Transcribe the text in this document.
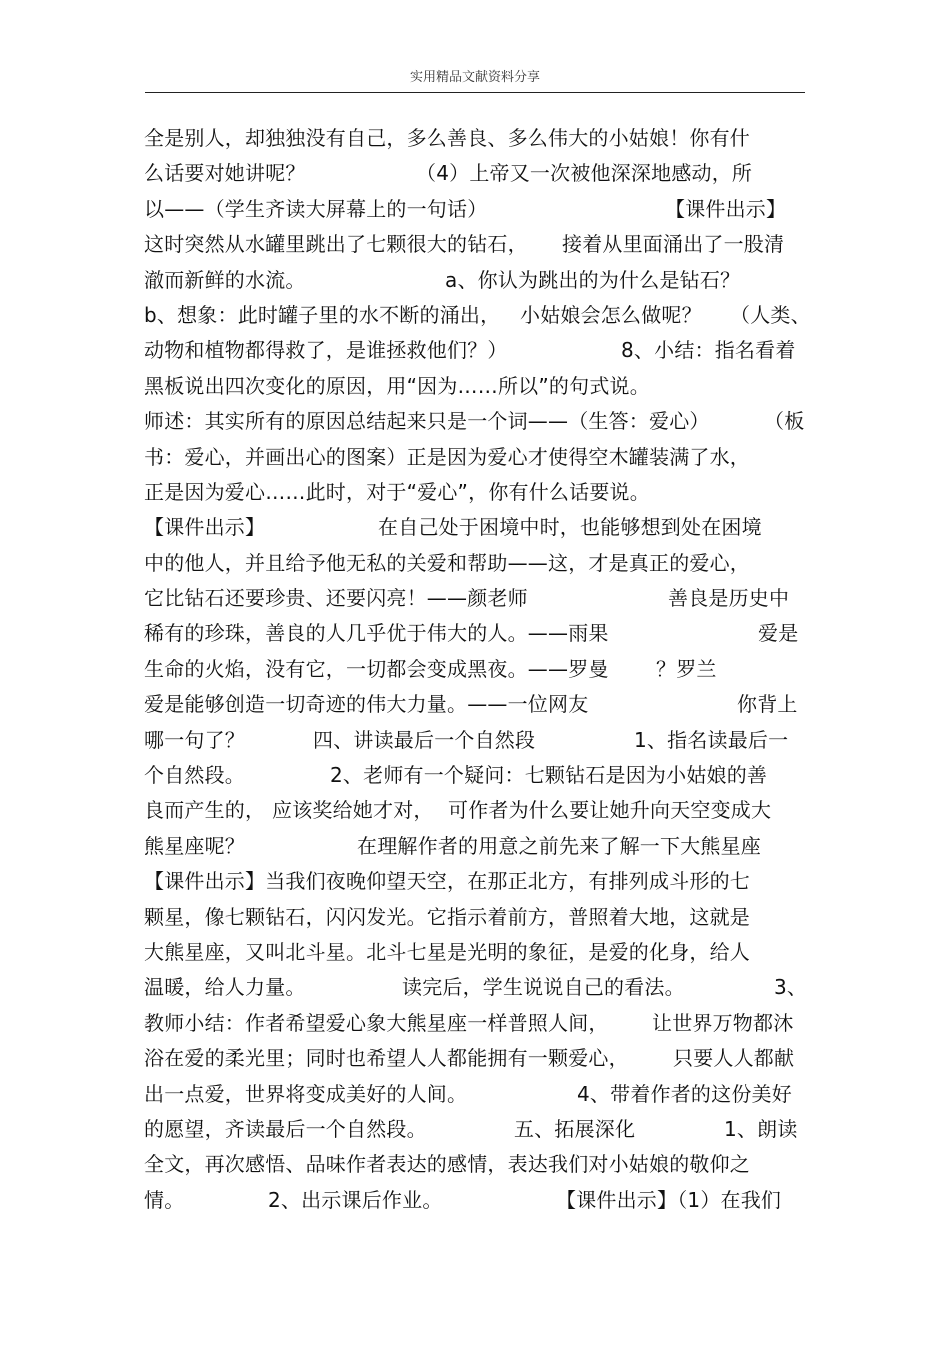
实用精品文献资料分享
全是别人，却独独没有自己，多么善良、多么伟大的小姑娘！你有什
么话要对她讲呢？	（4）上帝又一次被他深深地感动，所
以——（学生齐读大屏幕上的一句话）	【课件出示】
这时突然从水罐里跳出了七颗很大的钻石， 接着从里面涌出了一股清
澈而新鲜的水流。	a、你认为跳出的为什么是钻石？
b、想象：此时罐子里的水不断的涌出， 小姑娘会怎么做呢？ （人类、
动物和植物都得救了，是谁拯救他们？）	8、小结：指名看着
黑板说出四次变化的原因，用“因为……所以”的句式说。
师述：其实所有的原因总结起来只是一个词——（生答：爱心）	（板
书：爱心，并画出心的图案）正是因为爱心才使得空木罐装满了水，
正是因为爱心……此时，对于“爱心”，你有什么话要说。
【课件出示】	在自己处于困境中时，也能够想到处在困境
中的他人，并且给予他无私的关爱和帮助——这，才是真正的爱心，
它比钻石还要珍贵、还要闪亮！——颜老师	善良是历史中
稀有的珍珠，善良的人几乎优于伟大的人。——雨果	爱是
生命的火焰，没有它，一切都会变成黑夜。——罗曼 ？罗兰
爱是能够创造一切奇迹的伟大力量。——一位网友	你背上
哪一句了？	四、讲读最后一个自然段	1、指名读最后一
个自然段。	2、老师有一个疑问：七颗钻石是因为小姑娘的善
良而产生的， 应该奖给她才对， 可作者为什么要让她升向天空变成大
熊星座呢？	在理解作者的用意之前先来了解一下大熊星座
【课件出示】当我们夜晚仰望天空，在那正北方，有排列成斗形的七
颗星，像七颗钻石，闪闪发光。它指示着前方，普照着大地，这就是
大熊星座，又叫北斗星。北斗七星是光明的象征，是爱的化身，给人
温暖，给人力量。	读完后，学生说说自己的看法。	3、
教师小结：作者希望爱心象大熊星座一样普照人间， 让世界万物都沐
浴在爱的柔光里；同时也希望人人都能拥有一颗爱心， 只要人人都献
出一点爱，世界将变成美好的人间。	4、带着作者的这份美好
的愿望，齐读最后一个自然段。	五、拓展深化	1、朗读
全文，再次感悟、品味作者表达的感情，表达我们对小姑娘的敬仰之
情。	2、出示课后作业。	【课件出示】（1）在我们
